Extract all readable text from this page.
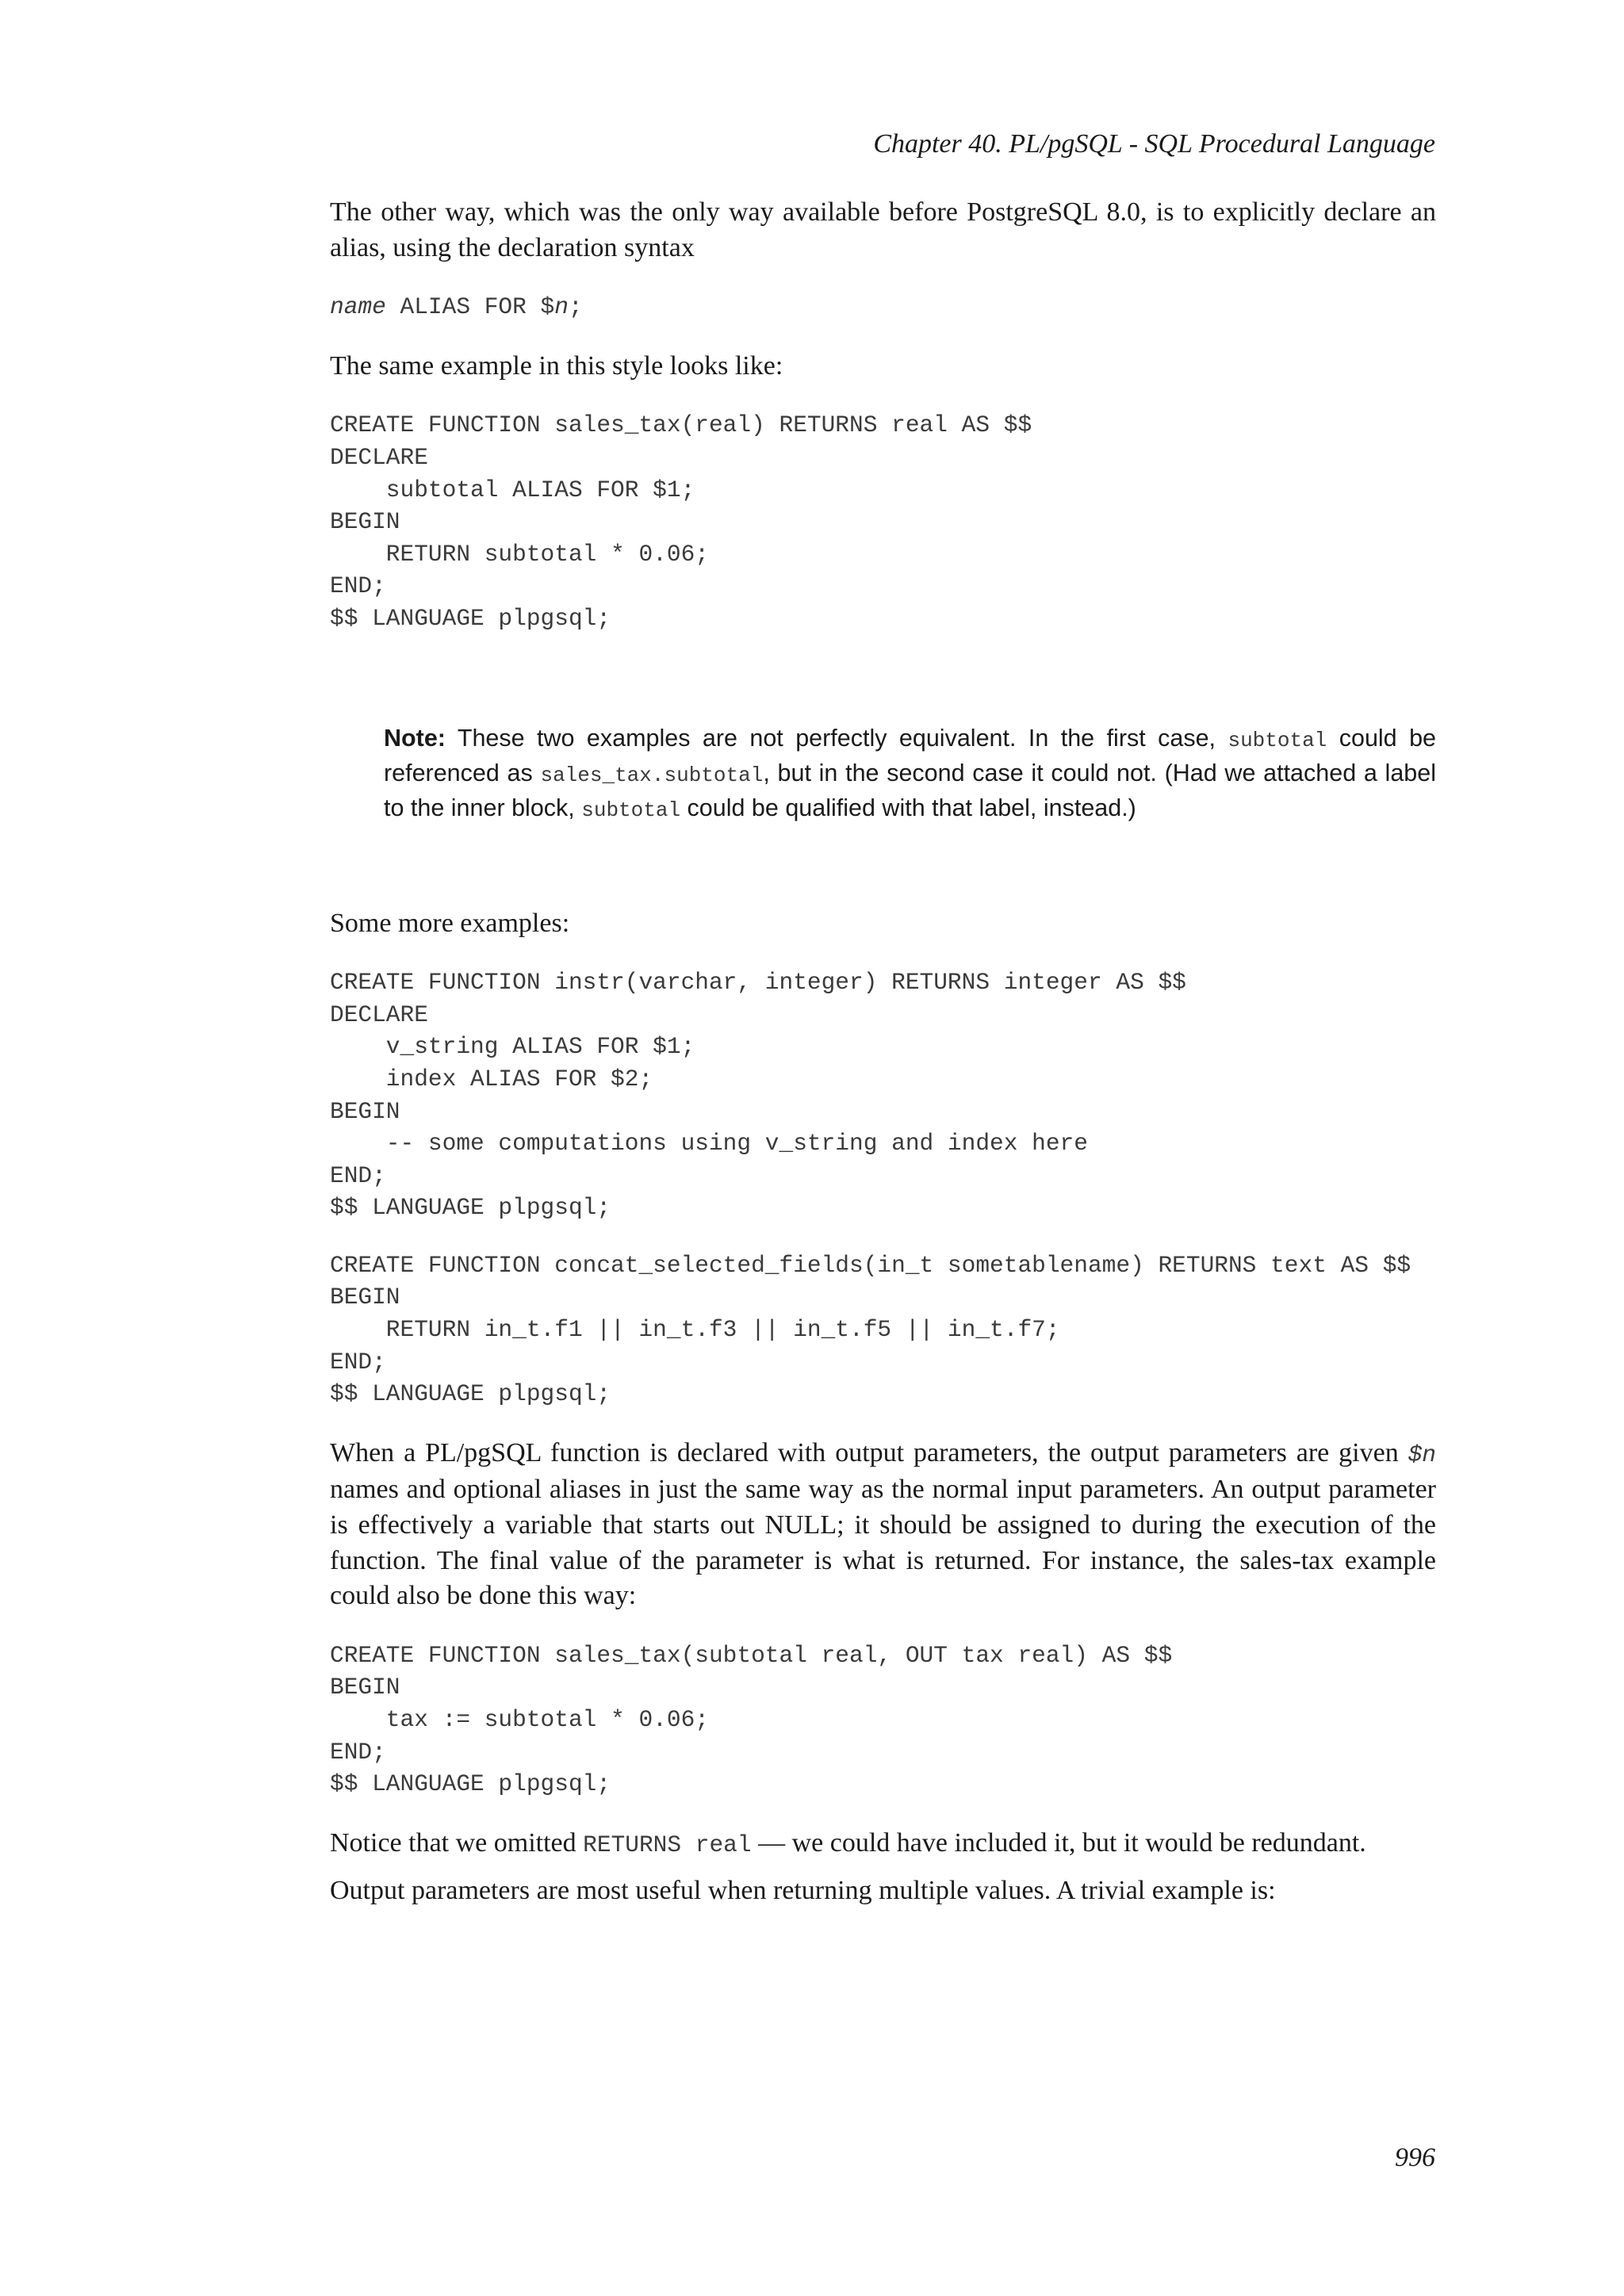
Chapter 40. PL/pgSQL - SQL Procedural Language

The other way, which was the only way available before PostgreSQL 8.0, is to explicitly declare an alias, using the declaration syntax

name ALIAS FOR $n;

The same example in this style looks like:

CREATE FUNCTION sales_tax(real) RETURNS real AS $$
DECLARE
subtotal ALIAS FOR $1;
BEGIN
RETURN subtotal * 0.06;
END;
$$ LANGUAGE plpgsql;
Note: These two examples are not perfectly equivalent. In the first case, subtotal could be referenced as sales_tax.subtotal, but in the second case it could not. (Had we attached a label to the inner block, subtotal could be qualified with that label, instead.)

Some more examples:

CREATE FUNCTION instr(varchar, integer) RETURNS integer AS $$
DECLARE
v_string ALIAS FOR $1;
index ALIAS FOR $2;
BEGIN
-- some computations using v_string and index here
END;
$$ LANGUAGE plpgsql;
CREATE FUNCTION concat_selected_fields(in_t sometablename) RETURNS text AS $$
BEGIN
RETURN in_t.f1 || in_t.f3 || in_t.f5 || in_t.f7;
END;
$$ LANGUAGE plpgsql;

When a PL/pgSQL function is declared with output parameters, the output parameters are given $n names and optional aliases in just the same way as the normal input parameters. An output parameter is effectively a variable that starts out NULL; it should be assigned to during the execution of the function. The final value of the parameter is what is returned. For instance, the sales-tax example could also be done this way:

CREATE FUNCTION sales_tax(subtotal real, OUT tax real) AS $$
BEGIN
tax := subtotal * 0.06;
END;
$$ LANGUAGE plpgsql;

Notice that we omitted RETURNS real — we could have included it, but it would be redundant.

Output parameters are most useful when returning multiple values. A trivial example is:

996
